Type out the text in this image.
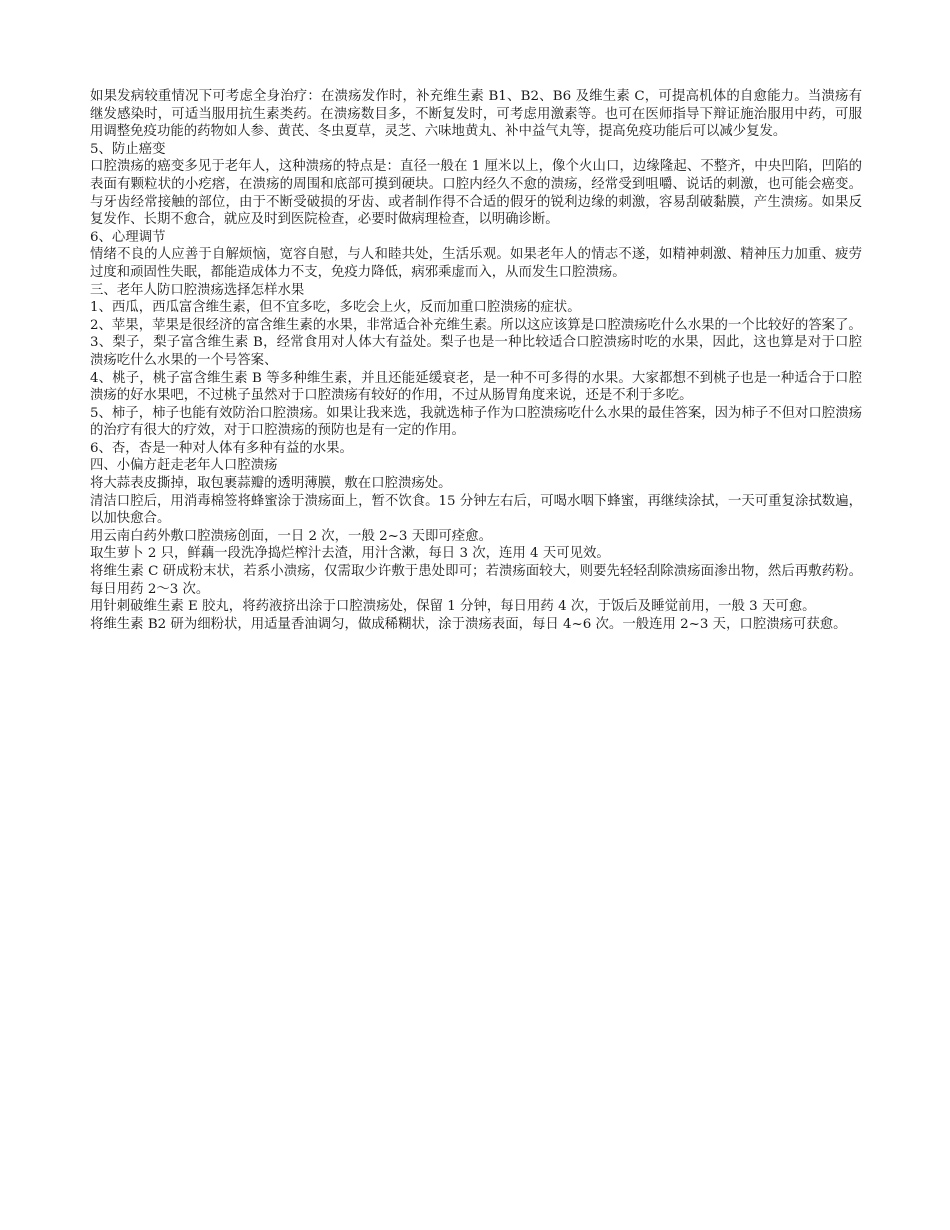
如果发病较重情况下可考虑全身治疗：在溃疡发作时，补充维生素 B1、B2、B6 及维生素 C，可提高机体的自愈能力。当溃疡有继发感染时，可适当服用抗生素类药。在溃疡数目多，不断复发时，可考虑用激素等。也可在医师指导下辩证施治服用中药，可服用调整免疫功能的药物如人参、黄芪、冬虫夏草，灵芝、六味地黄丸、补中益气丸等，提高免疫功能后可以减少复发。

5、防止癌变

口腔溃疡的癌变多见于老年人，这种溃疡的特点是：直径一般在 1 厘米以上，像个火山口，边缘隆起、不整齐，中央凹陷，凹陷的表面有颗粒状的小疙瘩，在溃疡的周围和底部可摸到硬块。口腔内经久不愈的溃疡，经常受到咀嚼、说话的刺激，也可能会癌变。与牙齿经常接触的部位，由于不断受破损的牙齿、或者制作得不合适的假牙的锐利边缘的刺激，容易刮破黏膜，产生溃疡。如果反复发作、长期不愈合，就应及时到医院检查，必要时做病理检查，以明确诊断。

6、心理调节

情绪不良的人应善于自解烦恼，宽容自慰，与人和睦共处，生活乐观。如果老年人的情志不遂，如精神刺激、精神压力加重、疲劳过度和顽固性失眠，都能造成体力不支，免疫力降低，病邪乘虚而入，从而发生口腔溃疡。

三、老年人防口腔溃疡选择怎样水果

1、西瓜，西瓜富含维生素，但不宜多吃，多吃会上火，反而加重口腔溃疡的症状。

2、苹果，苹果是很经济的富含维生素的水果，非常适合补充维生素。所以这应该算是口腔溃疡吃什么水果的一个比较好的答案了。

3、梨子，梨子富含维生素 B，经常食用对人体大有益处。梨子也是一种比较适合口腔溃疡时吃的水果，因此，这也算是对于口腔溃疡吃什么水果的一个号答案、

4、桃子，桃子富含维生素 B 等多种维生素，并且还能延缓衰老，是一种不可多得的水果。大家都想不到桃子也是一种适合于口腔溃疡的好水果吧，不过桃子虽然对于口腔溃疡有较好的作用，不过从肠胃角度来说，还是不利于多吃。

5、柿子，柿子也能有效防治口腔溃疡。如果让我来选，我就选柿子作为口腔溃疡吃什么水果的最佳答案，因为柿子不但对口腔溃疡的治疗有很大的疗效，对于口腔溃疡的预防也是有一定的作用。

6、杏，杏是一种对人体有多种有益的水果。

四、小偏方赶走老年人口腔溃疡

将大蒜表皮撕掉，取包裹蒜瓣的透明薄膜，敷在口腔溃疡处。

清洁口腔后，用消毒棉签将蜂蜜涂于溃疡面上，暂不饮食。15 分钟左右后，可喝水咽下蜂蜜，再继续涂拭，一天可重复涂拭数遍，以加快愈合。

用云南白药外敷口腔溃疡创面，一日 2 次，一般 2~3 天即可痊愈。

取生萝卜 2 只，鲜藕一段洗净捣烂榨汁去渣，用汁含漱，每日 3 次，连用 4 天可见效。

将维生素 C 研成粉末状，若系小溃疡，仅需取少许敷于患处即可；若溃疡面较大，则要先轻轻刮除溃疡面渗出物，然后再敷药粉。每日用药 2～3 次。

用针刺破维生素 E 胶丸，将药液挤出涂于口腔溃疡处，保留 1 分钟，每日用药 4 次，于饭后及睡觉前用，一般 3 天可愈。

将维生素 B2 研为细粉状，用适量香油调匀，做成稀糊状，涂于溃疡表面，每日 4~6 次。一般连用 2~3 天，口腔溃疡可获愈。
